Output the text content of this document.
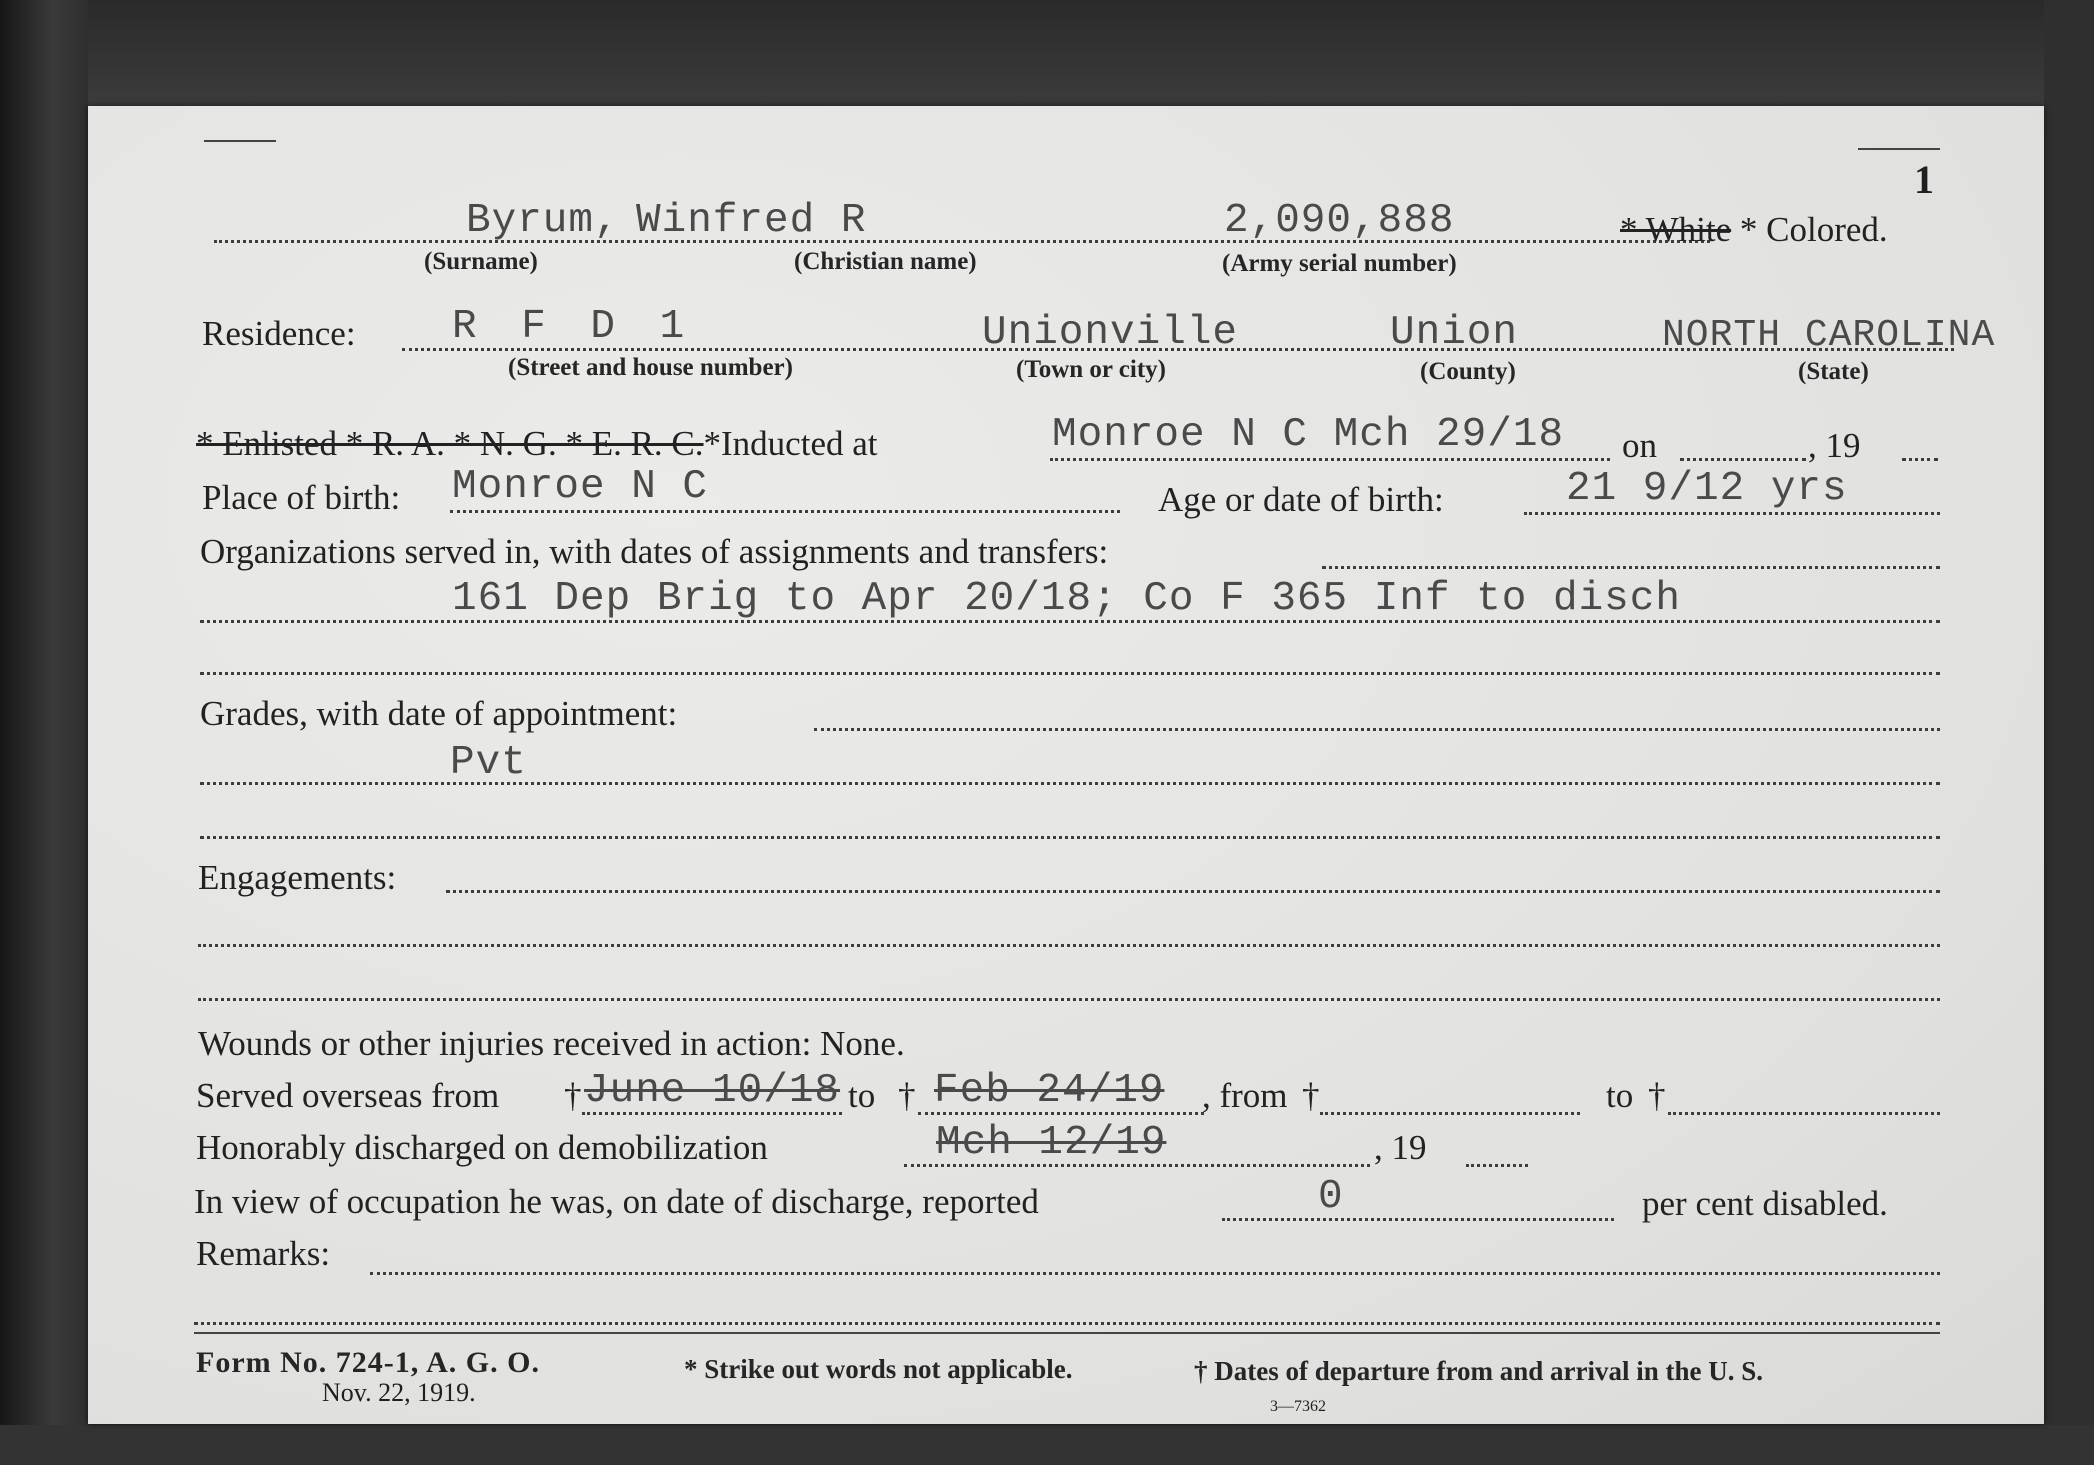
1
Byrum, Winfred R	2,090,888	* White * Colored.
(Surname)	(Christian name)	(Army serial number)
Residence: R F D 1	Unionville	Union	NORTH CAROLINA
(Street and house number)	(Town or city)	(County)	(State)
* Enlisted * R. A. * N. G. * E. R. C.*Inducted at	Monroe N C Mch 29/18 on	, 19
Place of birth: Monroe N C	Age or date of birth:	21 9/12 yrs
Organizations served in, with dates of assignments and transfers:
161 Dep Brig to Apr 20/18; Co F 365 Inf to disch
Grades, with date of appointment:
Pvt
Engagements:
Wounds or other injuries received in action: None.
Served overseas from † June 10/18 to † Feb 24/19 , from †	to †
Honorably discharged on demobilization	Mch 12/19	, 19
In view of occupation he was, on date of discharge, reported	0	per cent disabled.
Remarks:
Form No. 724-1, A. G. O.
Nov. 22, 1919.
* Strike out words not applicable.	† Dates of departure from and arrival in the U. S.
3—7362
